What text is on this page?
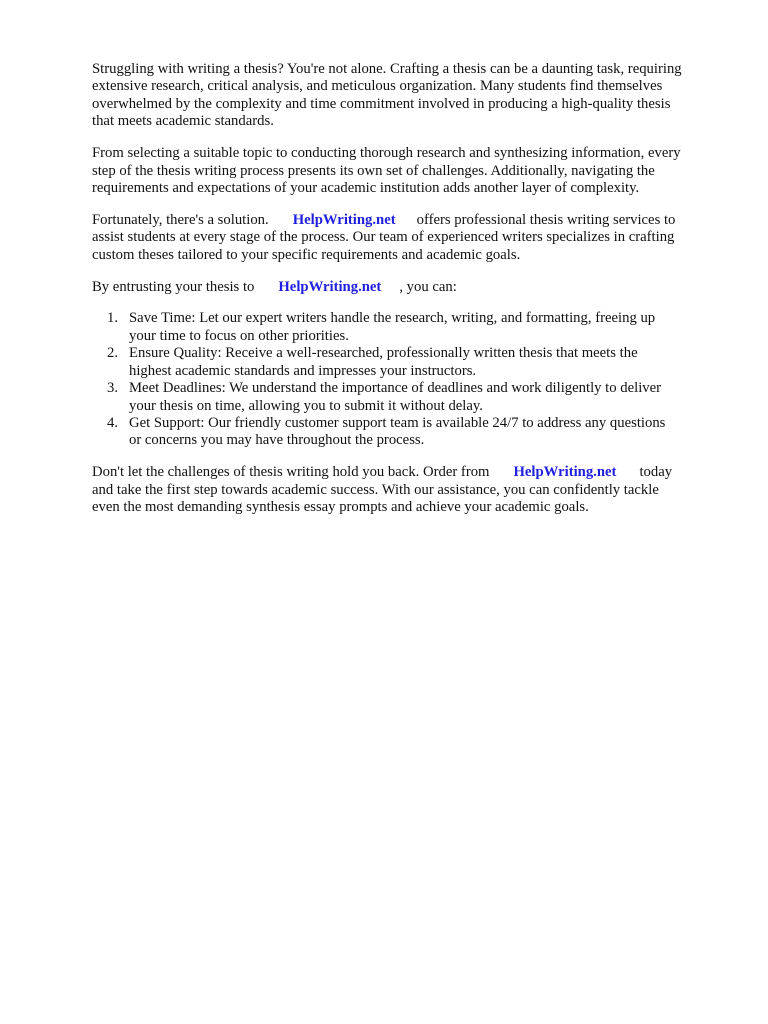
Struggling with writing a thesis? You're not alone. Crafting a thesis can be a daunting task, requiring
extensive research, critical analysis, and meticulous organization. Many students find themselves
overwhelmed by the complexity and time commitment involved in producing a high-quality thesis
that meets academic standards.

From selecting a suitable topic to conducting thorough research and synthesizing information, every
step of the thesis writing process presents its own set of challenges. Additionally, navigating the
requirements and expectations of your academic institution adds another layer of complexity.

Fortunately, there's a solution. HelpWriting.net offers professional thesis writing services to
assist students at every stage of the process. Our team of experienced writers specializes in crafting
custom theses tailored to your specific requirements and academic goals.

By entrusting your thesis to HelpWriting.net , you can:

1. Save Time: Let our expert writers handle the research, writing, and formatting, freeing up
your time to focus on other priorities.
2. Ensure Quality: Receive a well-researched, professionally written thesis that meets the
highest academic standards and impresses your instructors.
3. Meet Deadlines: We understand the importance of deadlines and work diligently to deliver
your thesis on time, allowing you to submit it without delay.
4. Get Support: Our friendly customer support team is available 24/7 to address any questions
or concerns you may have throughout the process.

Don't let the challenges of thesis writing hold you back. Order from HelpWriting.net today
and take the first step towards academic success. With our assistance, you can confidently tackle
even the most demanding synthesis essay prompts and achieve your academic goals.
